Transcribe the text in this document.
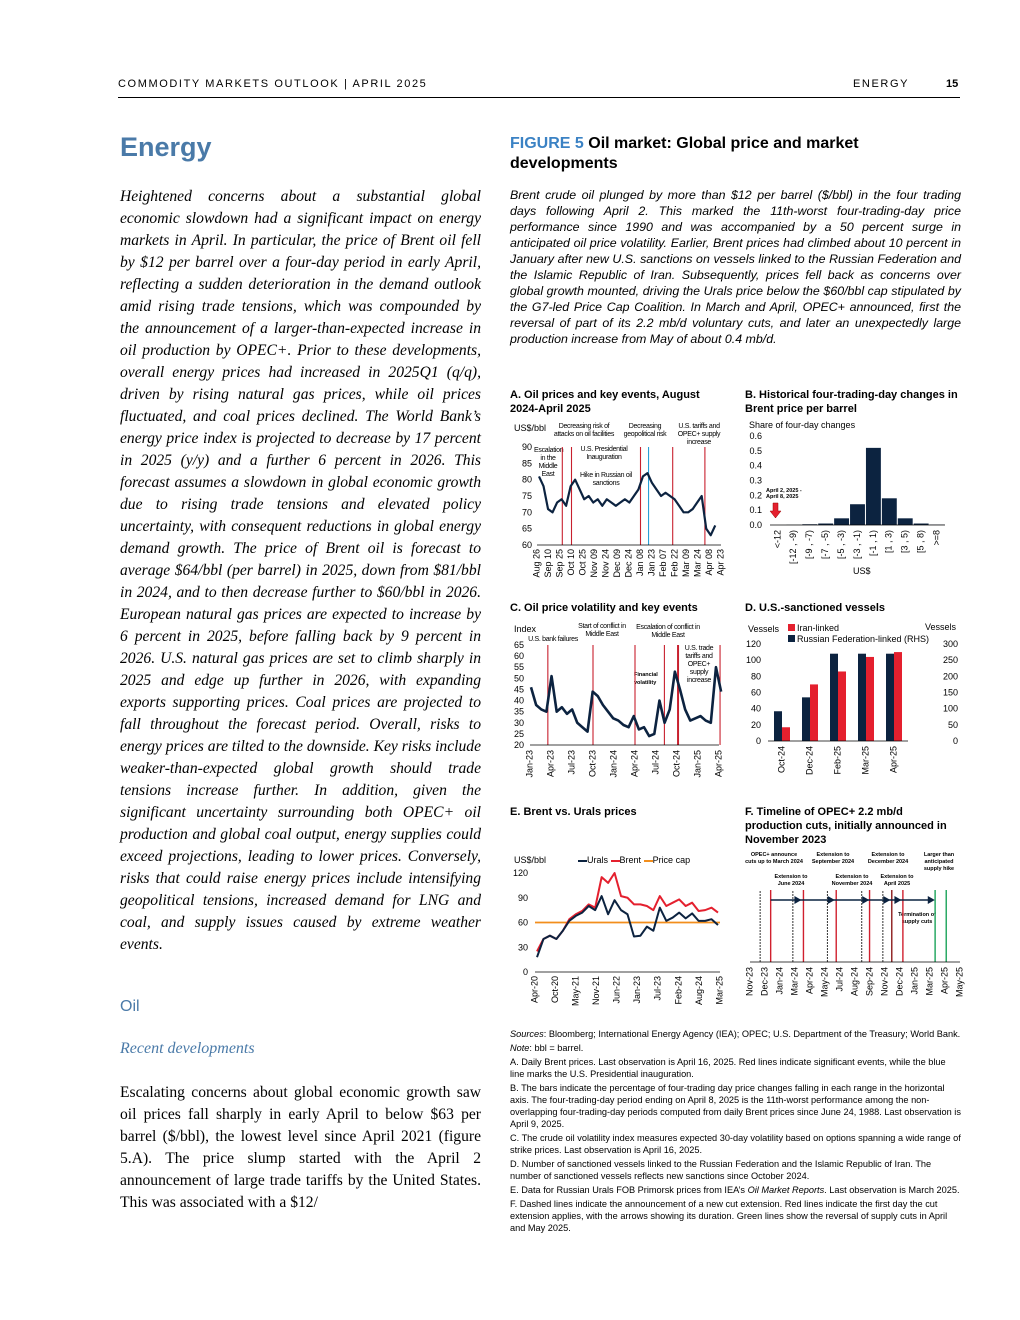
COMMODITY MARKETS OUTLOOK | APRIL 2025	ENERGY	15
Energy
Heightened concerns about a substantial global economic slowdown had a significant impact on energy markets in April. In particular, the price of Brent oil fell by $12 per barrel over a four-day period in early April, reflecting a sudden deterioration in the demand outlook amid rising trade tensions, which was compounded by the announcement of a larger-than-expected increase in oil production by OPEC+. Prior to these developments, overall energy prices had increased in 2025Q1 (q/q), driven by rising natural gas prices, while oil prices fluctuated, and coal prices declined. The World Bank’s energy price index is projected to decrease by 17 percent in 2025 (y/y) and a further 6 percent in 2026. This forecast assumes a slowdown in global economic growth due to rising trade tensions and elevated policy uncertainty, with consequent reductions in global energy demand growth. The price of Brent oil is forecast to average $64/bbl (per barrel) in 2025, down from $81/bbl in 2024, and to then decrease further to $60/bbl in 2026. European natural gas prices are expected to increase by 6 percent in 2025, before falling back by 9 percent in 2026. U.S. natural gas prices are set to climb sharply in 2025 and edge up further in 2026, with expanding exports supporting prices. Coal prices are projected to fall throughout the forecast period. Overall, risks to energy prices are tilted to the downside. Key risks include weaker-than-expected global growth should trade tensions increase further. In addition, given the significant uncertainty surrounding both OPEC+ oil production and global coal output, energy supplies could exceed projections, leading to lower prices. Conversely, risks that could raise energy prices include intensifying geopolitical tensions, increased demand for LNG and coal, and supply issues caused by extreme weather events.
Oil
Recent developments
Escalating concerns about global economic growth saw oil prices fall sharply in early April to below $63 per barrel ($/bbl), the lowest level since April 2021 (figure 5.A). The price slump started with the April 2 announcement of large trade tariffs by the United States. This was associated with a $12/
FIGURE 5 Oil market: Global price and market developments
Brent crude oil plunged by more than $12 per barrel ($/bbl) in the four trading days following April 2. This marked the 11th-worst four-trading-day price performance since 1990 and was accompanied by a 50 percent surge in anticipated oil price volatility. Earlier, Brent prices had climbed about 10 percent in January after new U.S. sanctions on vessels linked to the Russian Federation and the Islamic Republic of Iran. Subsequently, prices fell back as concerns over global growth mounted, driving the Urals price below the $60/bbl cap stipulated by the G7-led Price Cap Coalition. In March and April, OPEC+ announced, first the reversal of part of its 2.2 mb/d voluntary cuts, and later an unexpectedly large production increase from May of about 0.4 mb/d.
A. Oil prices and key events, August 2024-April 2025
B. Historical four-trading-day changes in Brent price per barrel
C. Oil price volatility and key events	D. U.S.-sanctioned vessels
E. Brent vs. Urals prices	F. Timeline of OPEC+ 2.2 mb/d production cuts, initially announced in November 2023
US$/bbl	Share of four-day changes
US$
Index	Vessels	Vessels
Iran-linked
Russian Federation-linked (RHS)
US$/bbl	Urals Brent Price cap
Escalation in the Middle East
Decreasing risk of attacks on oil facilities
U.S. Presidential Inauguration
Hike in Russian oil sanctions
Decreasing geopolitical risk
U.S. tariffs and OPEC+ supply increase
April 2, 2025 - April 8, 2025
U.S. bank failures
Start of conflict in Middle East
Escalation of conflict in Middle East
Financial volatility
U.S. trade tariffs and OPEC+ supply increase
OPEC+ announce cuts up to March 2024
Extension to June 2024
Extension to September 2024
Extension to November 2024
Extension to December 2024
Extension to April 2025
Larger than anticipated supply hike
Termination of supply cuts
60
65
70
75
80
85
90
Aug 26 Sep 10 Sep 25 Oct 10 Oct 25 Nov 09 Nov 24 Dec 09 Dec 24 Jan 08 Jan 23 Feb 07 Feb 22 Mar 09 Mar 24 Apr 08 Apr 23
0.0
0.1
0.2
0.3
0.4
0.5
0.6
<-12 [-12 , -9) [-9 , -7) [-7 , -5) [-5 , -3) [-3 , -1) [-1 , 1) [1 , 3) [3 , 5) [5 , 8) >=8
20
25
30
35
40
45
50
55
60
65
Jan-23 Apr-23 Jul-23 Oct-23 Jan-24 Apr-24 Jul-24 Oct-24 Jan-25 Apr-25
0
20
40
60
80
100
120
0
50
100
150
200
250
300
Oct-24 Dec-24 Feb-25 Mar-25 Apr-25
0
30
60
90
120
Apr-20 Oct-20 May-21 Nov-21 Jun-22 Jan-23 Jul-23 Feb-24 Aug-24 Mar-25 Nov-23 Dec-23 Jan-24 Mar-24 Apr-24 May-24 Jul-24 Aug-24 Sep-24 Nov-24 Dec-24 Jan-25 Mar-25 Apr-25 May-25

Sources: Bloomberg; International Energy Agency (IEA); OPEC; U.S. Department of the Treasury; World Bank.

Note: bbl = barrel.

A. Daily Brent prices. Last observation is April 16, 2025. Red lines indicate significant events, while the blue line marks the U.S. Presidential inauguration.

B. The bars indicate the percentage of four-trading day price changes falling in each range in the horizontal axis. The four-trading-day period ending on April 8, 2025 is the 11th-worst performance among the non-overlapping four-trading-day periods computed from daily Brent prices since June 24, 1988. Last observation is April 9, 2025.

C. The crude oil volatility index measures expected 30-day volatility based on options spanning a wide range of strike prices. Last observation is April 16, 2025.

D. Number of sanctioned vessels linked to the Russian Federation and the Islamic Republic of Iran. The number of sanctioned vessels reflects new sanctions since October 2024.

E. Data for Russian Urals FOB Primorsk prices from IEA’s Oil Market Reports. Last observation is March 2025.

F. Dashed lines indicate the announcement of a new cut extension. Red lines indicate the first day the cut extension applies, with the arrows showing its duration. Green lines show the reversal of supply cuts in April and May 2025.
